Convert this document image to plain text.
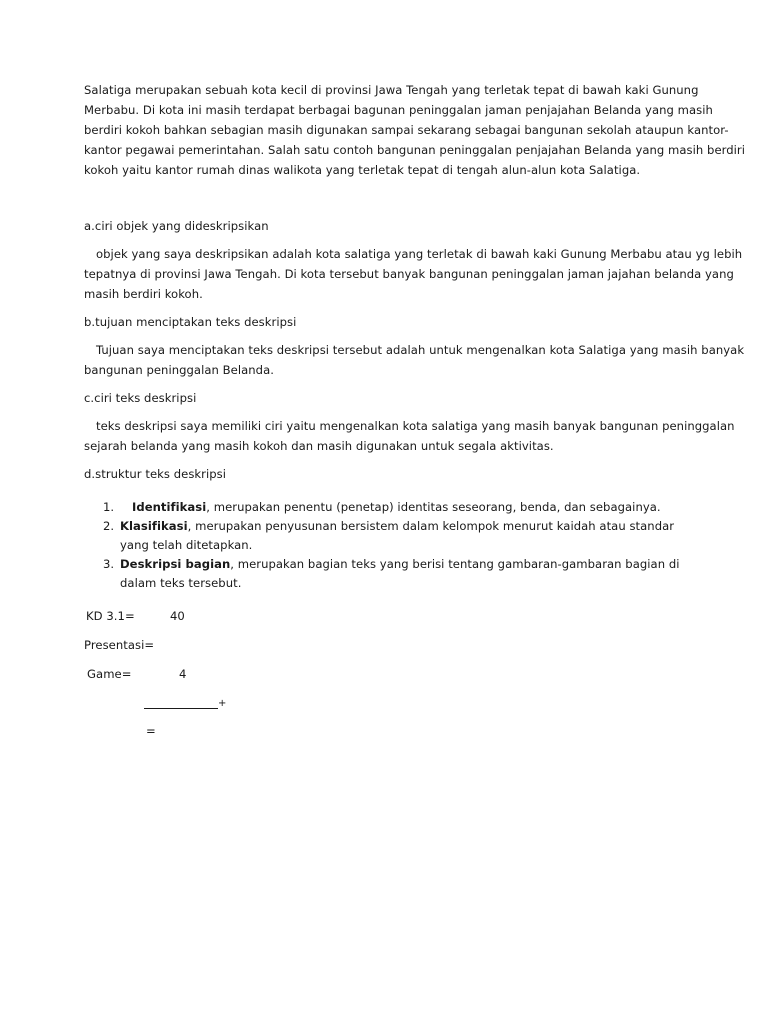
Salatiga merupakan sebuah kota kecil di provinsi Jawa Tengah yang terletak tepat di bawah kaki Gunung
Merbabu. Di kota ini masih terdapat berbagai bagunan peninggalan jaman penjajahan Belanda yang masih
berdiri kokoh bahkan sebagian masih digunakan sampai sekarang sebagai bangunan sekolah ataupun kantor-
kantor pegawai pemerintahan. Salah satu contoh bangunan peninggalan penjajahan Belanda yang masih berdiri
kokoh yaitu kantor rumah dinas walikota yang terletak tepat di tengah alun-alun kota Salatiga.
a.ciri objek yang dideskripsikan
objek yang saya deskripsikan adalah kota salatiga yang terletak di bawah kaki Gunung Merbabu atau yg lebih
tepatnya di provinsi Jawa Tengah. Di kota tersebut banyak bangunan peninggalan jaman jajahan belanda yang
masih berdiri kokoh.
b.tujuan menciptakan teks deskripsi
Tujuan saya menciptakan teks deskripsi tersebut adalah untuk mengenalkan kota Salatiga yang masih banyak
bangunan peninggalan Belanda.
c.ciri teks deskripsi
teks deskripsi saya memiliki ciri yaitu mengenalkan kota salatiga yang masih banyak bangunan peninggalan
sejarah belanda yang masih kokoh dan masih digunakan untuk segala aktivitas.
d.struktur teks deskripsi
1. Identifikasi, merupakan penentu (penetap) identitas seseorang, benda, dan sebagainya.
2. Klasifikasi, merupakan penyusunan bersistem dalam kelompok menurut kaidah atau standar yang telah ditetapkan.
3. Deskripsi bagian, merupakan bagian teks yang berisi tentang gambaran-gambaran bagian di dalam teks tersebut.
KD 3.1=	40
Presentasi=
Game=	4
+
=
